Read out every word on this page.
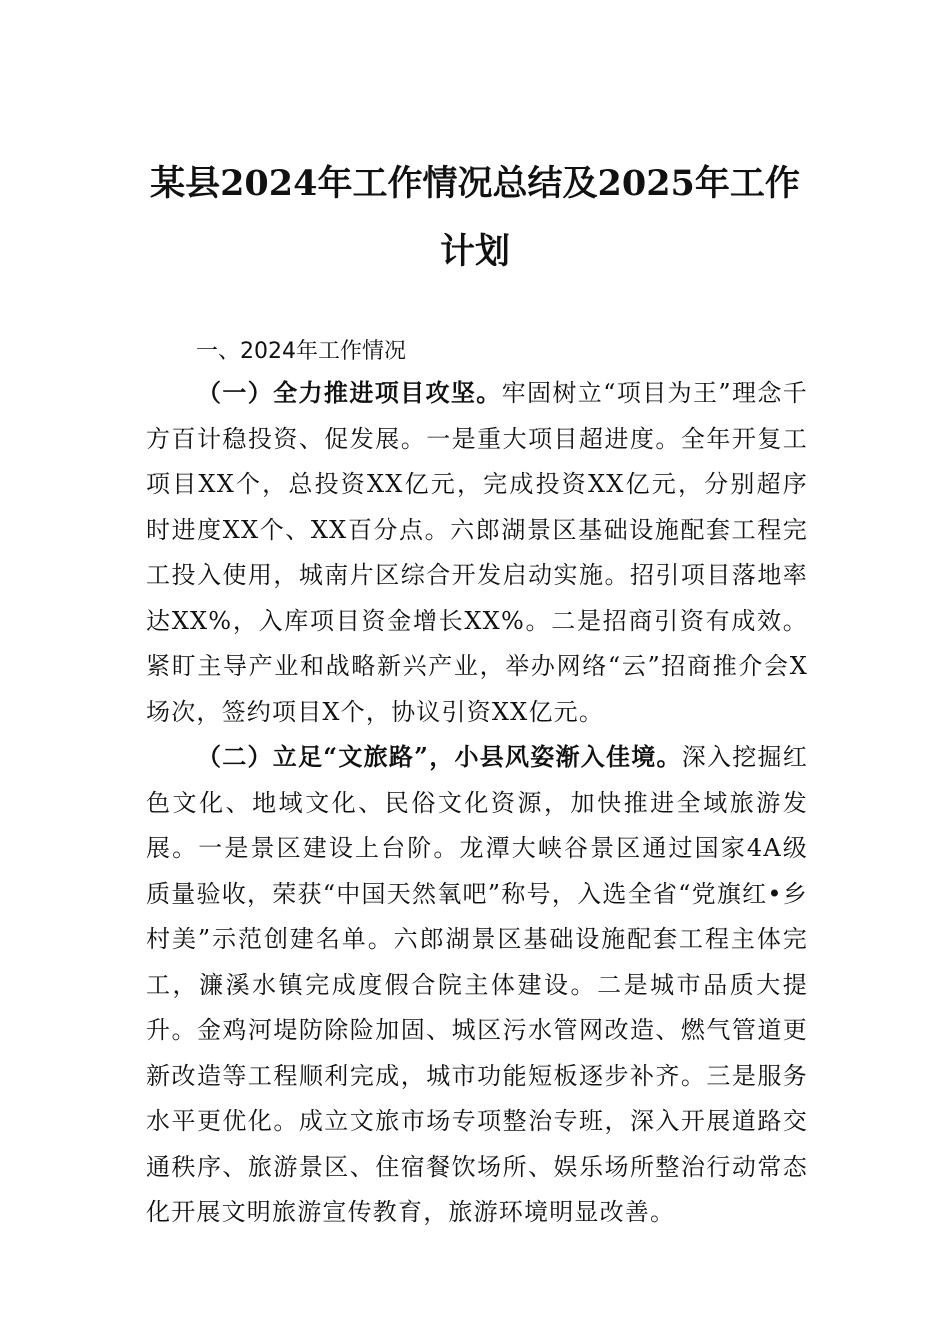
某县2024年工作情况总结及2025年工作计划
一、2024年工作情况

（一）全力推进项目攻坚。牢固树立“项目为王”理念千方百计稳投资、促发展。一是重大项目超进度。全年开复工项目XX个，总投资XX亿元，完成投资XX亿元，分别超序时进度XX个、XX百分点。六郎湖景区基础设施配套工程完工投入使用，城南片区综合开发启动实施。招引项目落地率达XX%，入库项目资金增长XX%。二是招商引资有成效。紧盯主导产业和战略新兴产业，举办网络“云”招商推介会X场次，签约项目X个，协议引资XX亿元。

（二）立足“文旅路”，小县风姿渐入佳境。深入挖掘红色文化、地域文化、民俗文化资源，加快推进全域旅游发展。一是景区建设上台阶。龙潭大峡谷景区通过国家4A级质量验收，荣获“中国天然氧吧”称号，入选全省“党旗红•乡村美”示范创建名单。六郎湖景区基础设施配套工程主体完工，濂溪水镇完成度假合院主体建设。二是城市品质大提升。金鸡河堤防除险加固、城区污水管网改造、燃气管道更新改造等工程顺利完成，城市功能短板逐步补齐。三是服务水平更优化。成立文旅市场专项整治专班，深入开展道路交通秩序、旅游景区、住宿餐饮场所、娱乐场所整治行动常态化开展文明旅游宣传教育，旅游环境明显改善。
